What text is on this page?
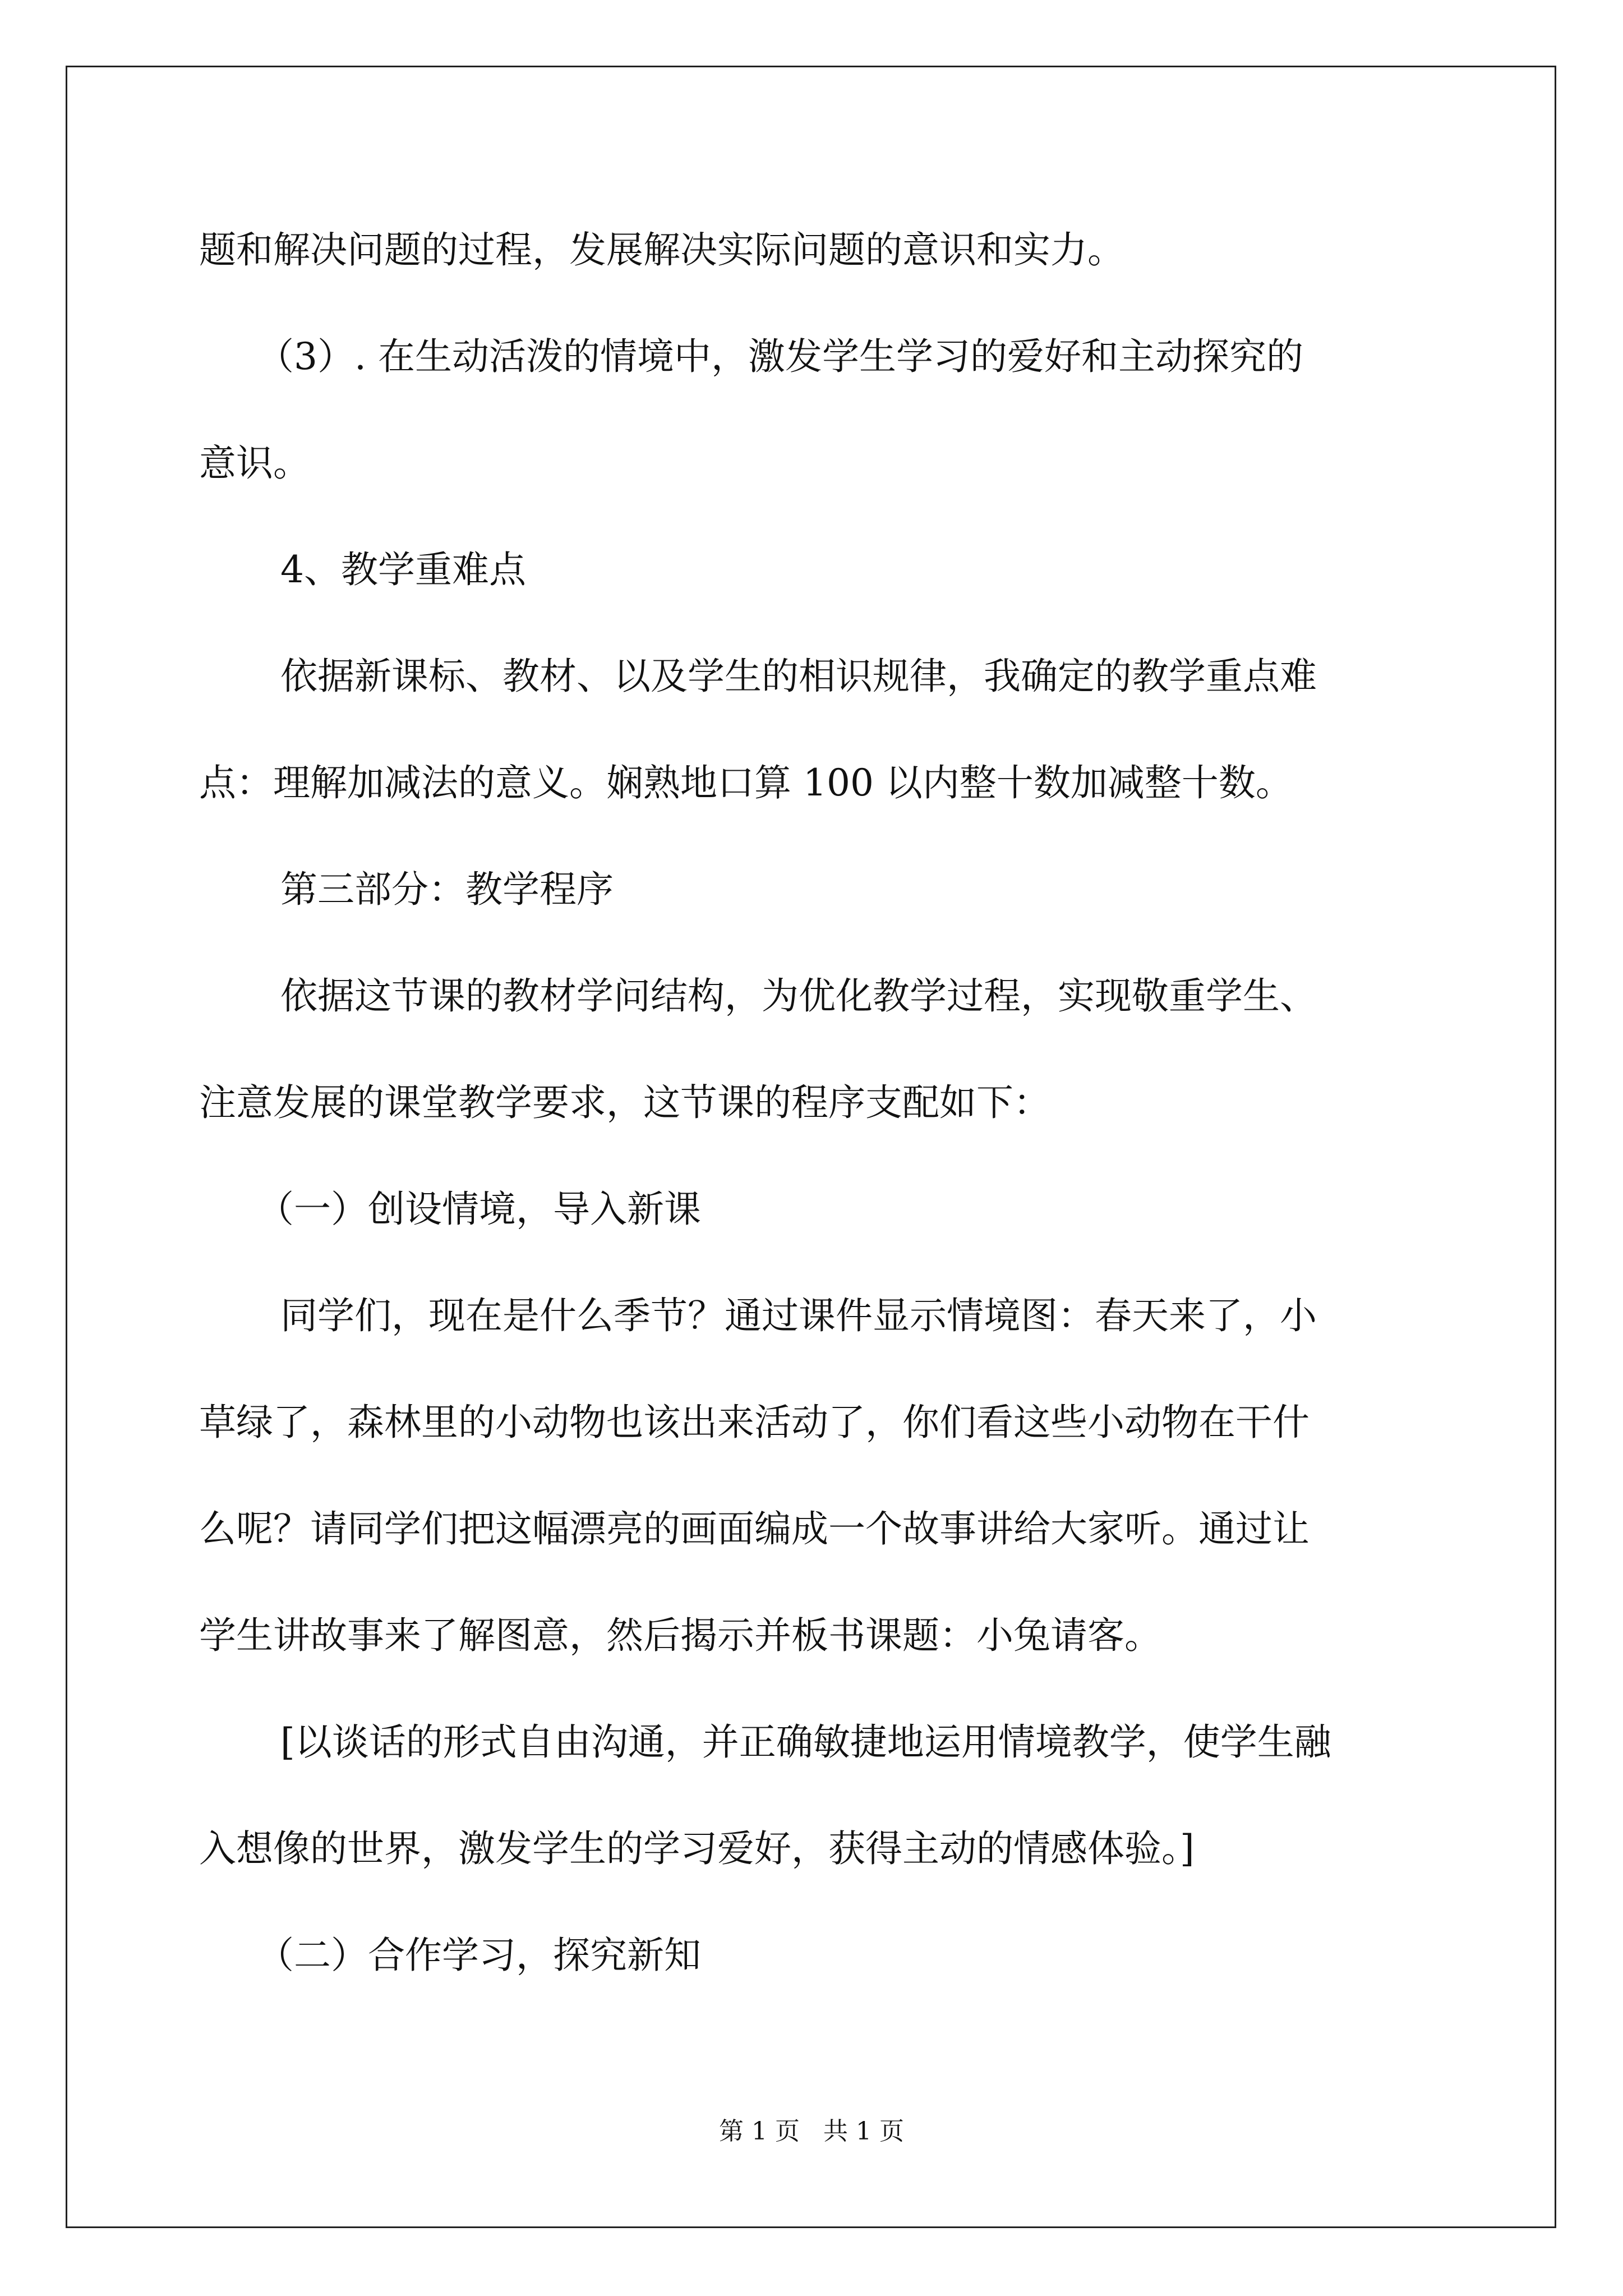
题和解决问题的过程，发展解决实际问题的意识和实力。

（3）. 在生动活泼的情境中，激发学生学习的爱好和主动探究的

意识。

4、教学重难点

依据新课标、教材、以及学生的相识规律，我确定的教学重点难

点：理解加减法的意义。娴熟地口算 100 以内整十数加减整十数。

第三部分：教学程序

依据这节课的教材学问结构，为优化教学过程，实现敬重学生、

注意发展的课堂教学要求，这节课的程序支配如下：

（一）创设情境，导入新课

同学们，现在是什么季节？通过课件显示情境图：春天来了，小

草绿了，森林里的小动物也该出来活动了，你们看这些小动物在干什

么呢？请同学们把这幅漂亮的画面编成一个故事讲给大家听。通过让

学生讲故事来了解图意，然后揭示并板书课题：小兔请客。

[以谈话的形式自由沟通，并正确敏捷地运用情境教学，使学生融

入想像的世界，激发学生的学习爱好，获得主动的情感体验。]

（二）合作学习，探究新知

第 1 页   共 1 页
